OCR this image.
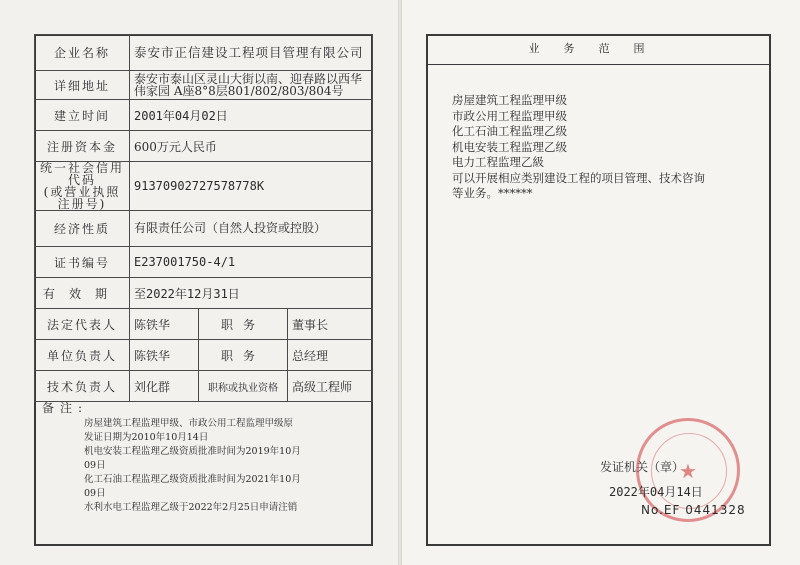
企业名称	泰安市正信建设工程项目管理有限公司		
详细地址	泰安市泰山区灵山大街以南、迎春路以西华伟家园 A座8°8层801/802/803/804号		
建立时间	2001年04月02日		
注册资本金	600万元人民币		

统一社会信用代码
(或营业执照注册号)	91370902727578778K		
经济性质	有限责任公司（自然人投资或控股）		
证书编号	E237001750-4/1		
有效期	至2022年12月31日		
法定代表人	陈铁华	职务	董事长
单位负责人	陈铁华	职务	总经理
技术负责人	刘化群	职称或执业资格	高级工程师
备注:
房屋建筑工程监理甲级、市政公用工程监理甲级原
发证日期为2010年10月14日
机电安装工程监理乙级资质批准时间为2019年10月
09日
化工石油工程监理乙级资质批准时间为2021年10月
09日
水利水电工程监理乙级于2022年2月25日申请注销
业务范围
房屋建筑工程监理甲级
市政公用工程监理甲级
化工石油工程监理乙级
机电安装工程监理乙级
电力工程监理乙級
可以开展相应类别建设工程的项目管理、技术咨询
等业务。******
★
发证机关（章）
2022年04月14日
No.EF 0441328
